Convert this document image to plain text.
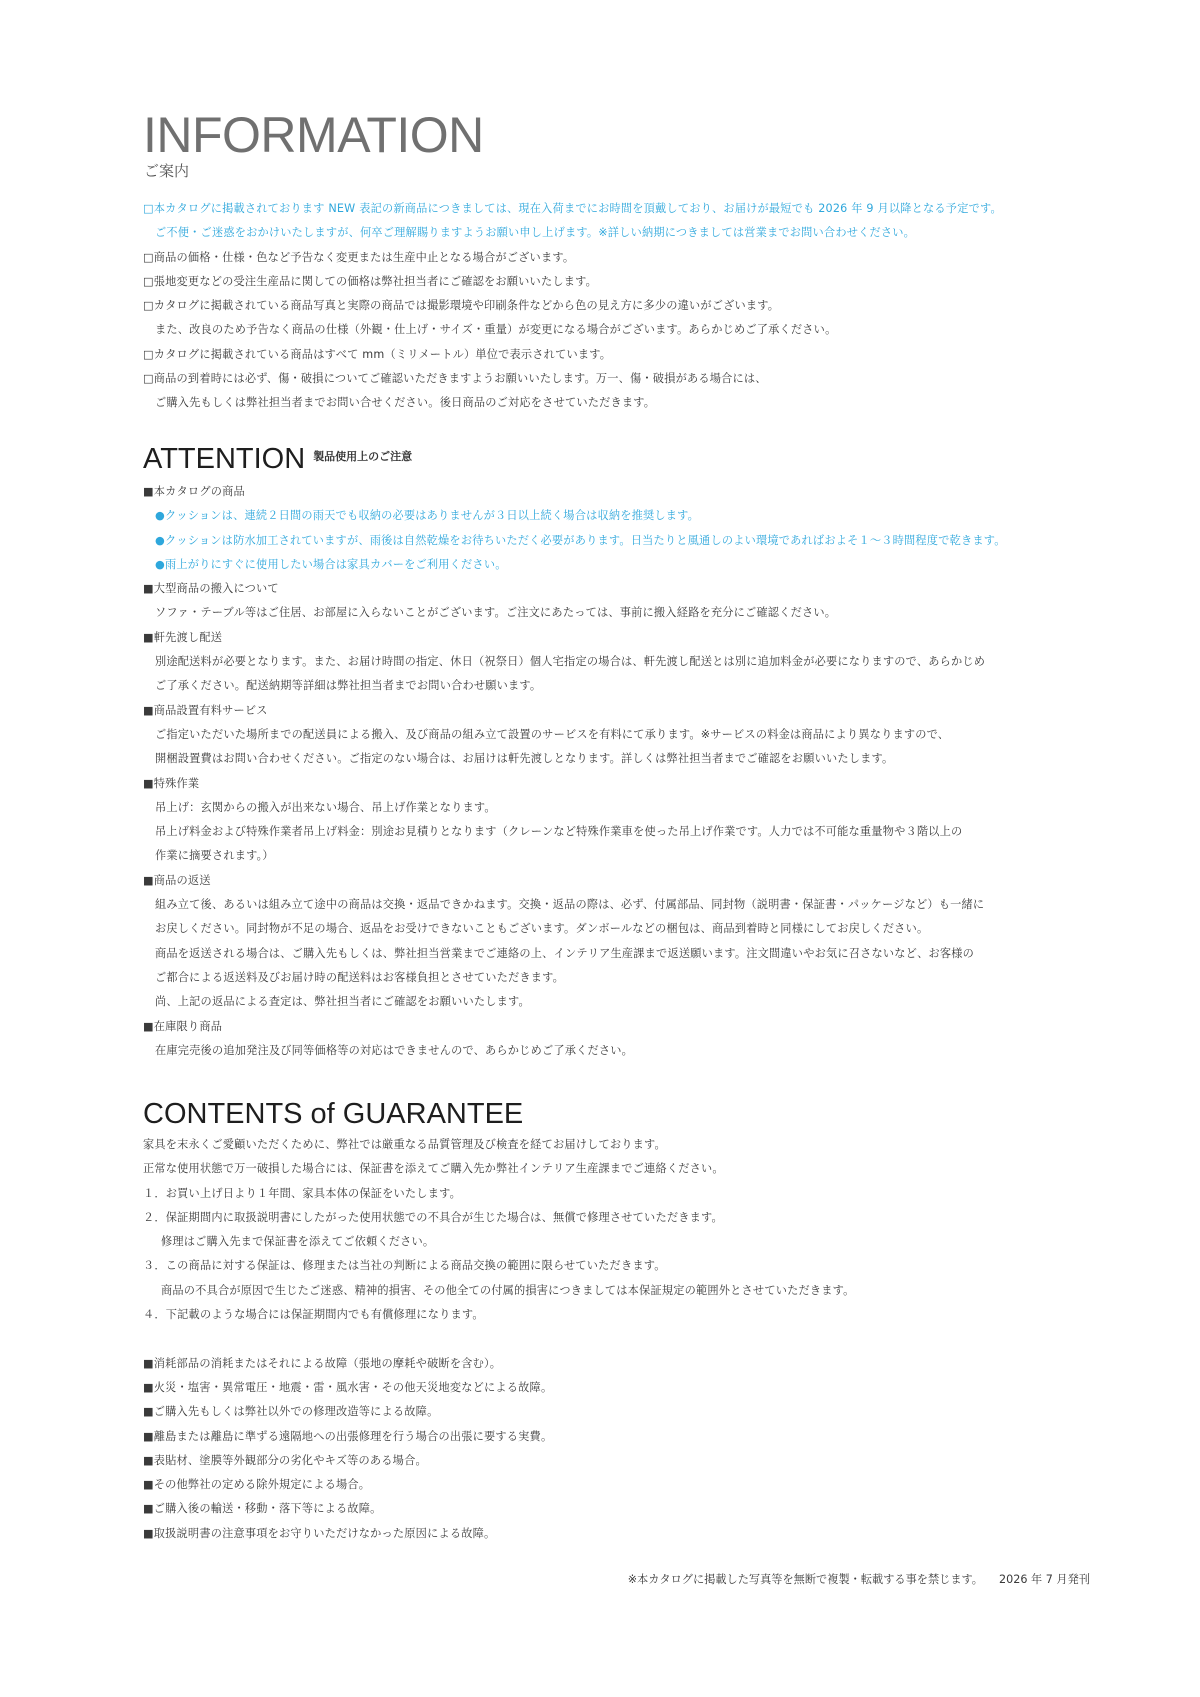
INFORMATION
ご案内
□本カタログに掲載されております NEW 表記の新商品につきましては、現在入荷までにお時間を頂戴しており、お届けが最短でも 2026 年 9 月以降となる予定です。
ご不便・ご迷惑をおかけいたしますが、何卒ご理解賜りますようお願い申し上げます。※詳しい納期につきましては営業までお問い合わせください。
□商品の価格・仕様・色など予告なく変更または生産中止となる場合がございます。
□張地変更などの受注生産品に関しての価格は弊社担当者にご確認をお願いいたします。
□カタログに掲載されている商品写真と実際の商品では撮影環境や印刷条件などから色の見え方に多少の違いがございます。
また、改良のため予告なく商品の仕様（外観・仕上げ・サイズ・重量）が変更になる場合がございます。あらかじめご了承ください。
□カタログに掲載されている商品はすべて mm（ミリメートル）単位で表示されています。
□商品の到着時には必ず、傷・破損についてご確認いただきますようお願いいたします。万一、傷・破損がある場合には、
ご購入先もしくは弊社担当者までお問い合せください。後日商品のご対応をさせていただきます。
ATTENTION 製品使用上のご注意
■本カタログの商品
●クッションは、連続２日間の雨天でも収納の必要はありませんが３日以上続く場合は収納を推奨します。
●クッションは防水加工されていますが、雨後は自然乾燥をお待ちいただく必要があります。日当たりと風通しのよい環境であればおよそ１〜３時間程度で乾きます。
●雨上がりにすぐに使用したい場合は家具カバーをご利用ください。
■大型商品の搬入について
ソファ・テーブル等はご住居、お部屋に入らないことがございます。ご注文にあたっては、事前に搬入経路を充分にご確認ください。
■軒先渡し配送
別途配送料が必要となります。また、お届け時間の指定、休日（祝祭日）個人宅指定の場合は、軒先渡し配送とは別に追加料金が必要になりますので、あらかじめ
ご了承ください。配送納期等詳細は弊社担当者までお問い合わせ願います。
■商品設置有料サービス
ご指定いただいた場所までの配送員による搬入、及び商品の組み立て設置のサービスを有料にて承ります。※サービスの料金は商品により異なりますので、
開梱設置費はお問い合わせください。ご指定のない場合は、お届けは軒先渡しとなります。詳しくは弊社担当者までご確認をお願いいたします。
■特殊作業
吊上げ：玄関からの搬入が出来ない場合、吊上げ作業となります。
吊上げ料金および特殊作業者吊上げ料金：別途お見積りとなります（クレーンなど特殊作業車を使った吊上げ作業です。人力では不可能な重量物や３階以上の
作業に摘要されます。）
■商品の返送
組み立て後、あるいは組み立て途中の商品は交換・返品できかねます。交換・返品の際は、必ず、付属部品、同封物（説明書・保証書・パッケージなど）も一緒に
お戻しください。同封物が不足の場合、返品をお受けできないこともございます。ダンボールなどの梱包は、商品到着時と同様にしてお戻しください。
商品を返送される場合は、ご購入先もしくは、弊社担当営業までご連絡の上、インテリア生産課まで返送願います。注文間違いやお気に召さないなど、お客様の
ご都合による返送料及びお届け時の配送料はお客様負担とさせていただきます。
尚、上記の返品による査定は、弊社担当者にご確認をお願いいたします。
■在庫限り商品
在庫完売後の追加発注及び同等価格等の対応はできませんので、あらかじめご了承ください。
CONTENTS of GUARANTEE
家具を末永くご愛顧いただくために、弊社では厳重なる品質管理及び検査を経てお届けしております。
正常な使用状態で万一破損した場合には、保証書を添えてご購入先か弊社インテリア生産課までご連絡ください。
１．お買い上げ日より１年間、家具本体の保証をいたします。
２．保証期間内に取扱説明書にしたがった使用状態での不具合が生じた場合は、無償で修理させていただきます。
修理はご購入先まで保証書を添えてご依頼ください。
３．この商品に対する保証は、修理または当社の判断による商品交換の範囲に限らせていただきます。
商品の不具合が原因で生じたご迷惑、精神的損害、その他全ての付属的損害につきましては本保証規定の範囲外とさせていただきます。
４．下記載のような場合には保証期間内でも有償修理になります。
■消耗部品の消耗またはそれによる故障（張地の摩耗や破断を含む）。
■火災・塩害・異常電圧・地震・雷・風水害・その他天災地変などによる故障。
■ご購入先もしくは弊社以外での修理改造等による故障。
■離島または離島に準ずる遠隔地への出張修理を行う場合の出張に要する実費。
■表貼材、塗膜等外観部分の劣化やキズ等のある場合。
■その他弊社の定める除外規定による場合。
■ご購入後の輸送・移動・落下等による故障。
■取扱説明書の注意事項をお守りいただけなかった原因による故障。
※本カタログに掲載した写真等を無断で複製・転載する事を禁じます。 2026 年 7 月発刊
